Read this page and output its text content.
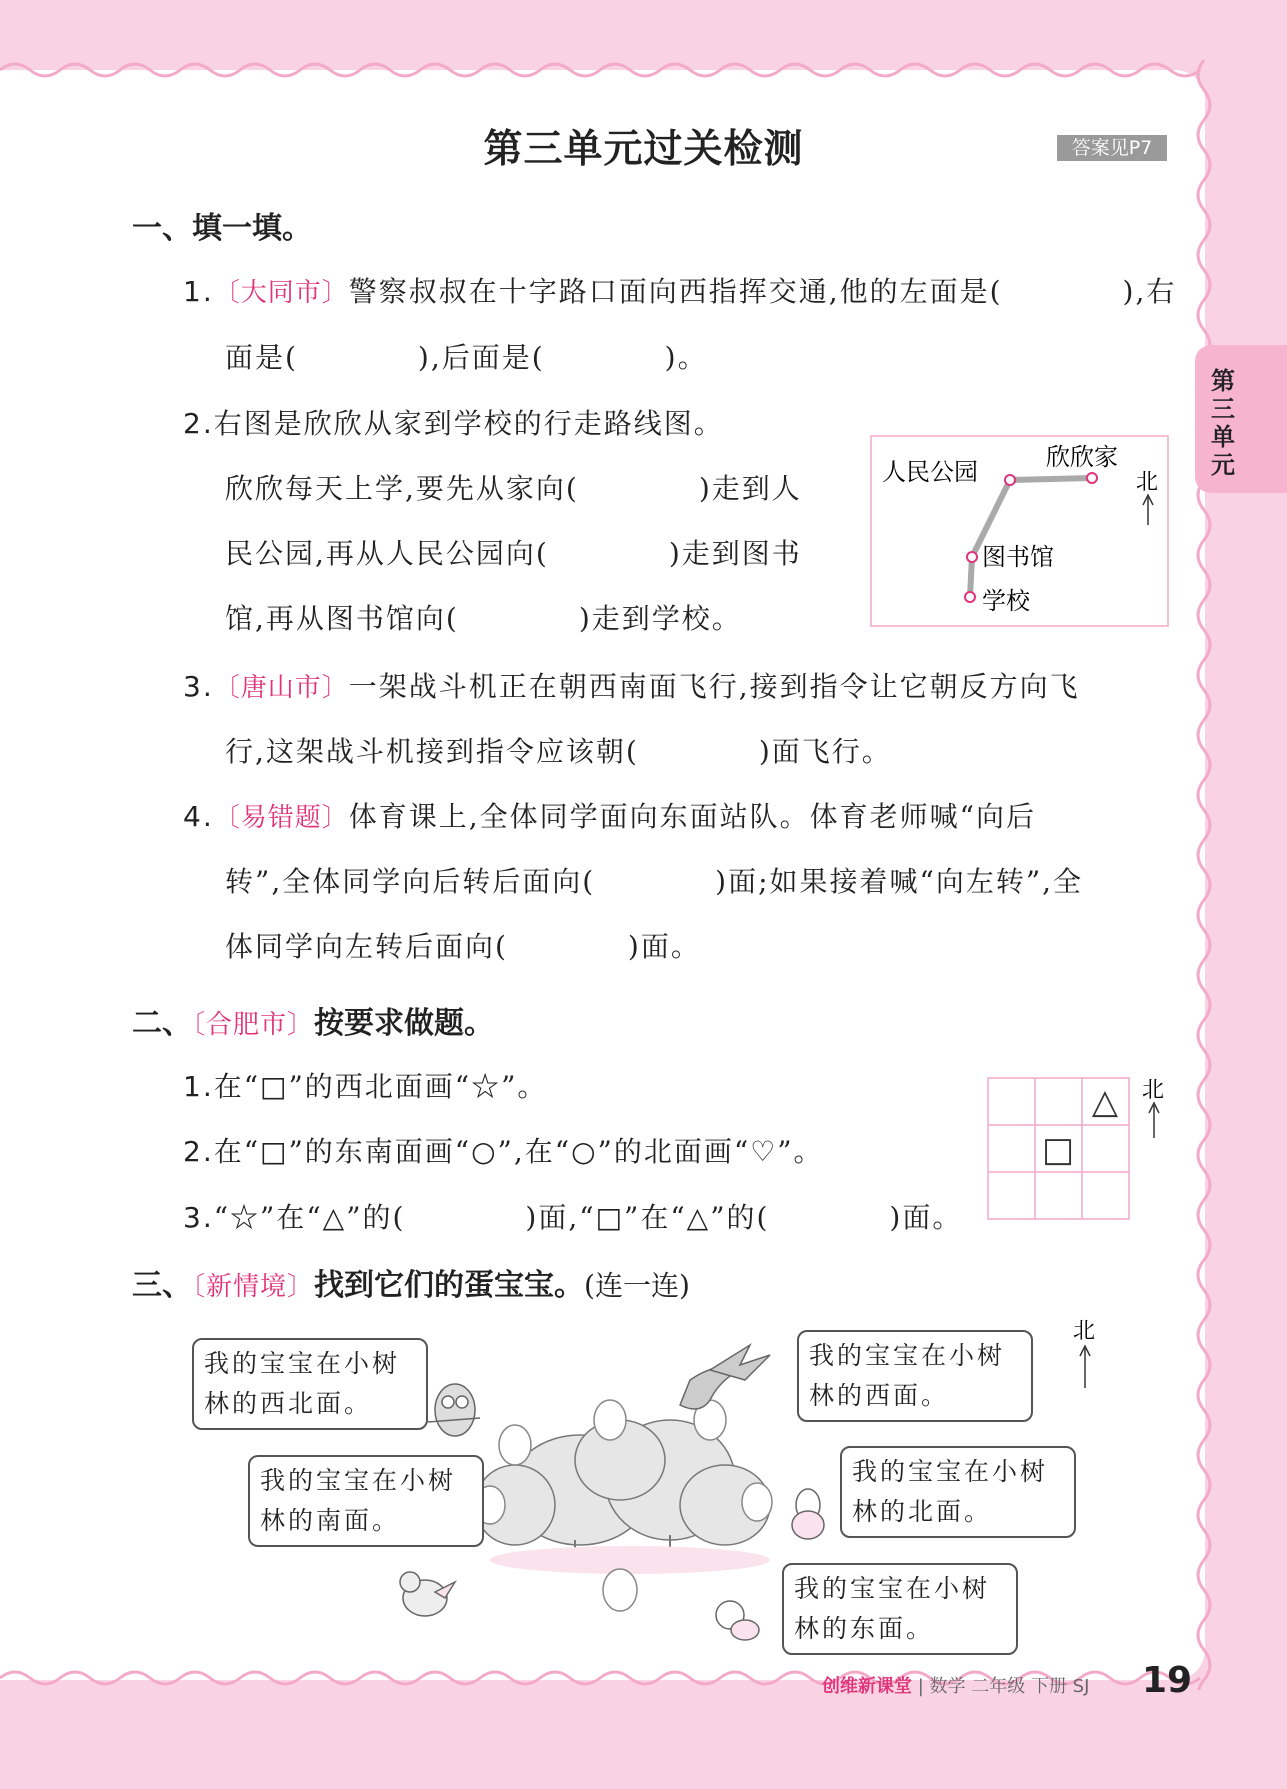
第三单元过关检测	答案见P7
第三单元
一、填一填。
1.〔大同市〕警察叔叔在十字路口面向西指挥交通,他的左面是(　　　　),右
面是(　　　　),后面是(　　　　)。
2.右图是欣欣从家到学校的行走路线图。
欣欣每天上学,要先从家向(　　　　)走到人
民公园,再从人民公园向(　　　　)走到图书
馆,再从图书馆向(　　　　)走到学校。
人民公园
欣欣家
图书馆
学校
北
3.〔唐山市〕一架战斗机正在朝西南面飞行,接到指令让它朝反方向飞
行,这架战斗机接到指令应该朝(　　　　)面飞行。
4.〔易错题〕体育课上,全体同学面向东面站队。体育老师喊“向后
转”,全体同学向后转后面向(　　　　)面;如果接着喊“向左转”,全
体同学向左转后面向(　　　　)面。
二、〔合肥市〕按要求做题。
1.在“□”的西北面画“☆”。
2.在“□”的东南面画“○”,在“○”的北面画“♡”。
3.“☆”在“△”的(　　　　)面,“□”在“△”的(　　　　)面。
△
□
北
三、〔新情境〕找到它们的蛋宝宝。(连一连)
北
我的宝宝在小树
林的西北面。
我的宝宝在小树
林的西面。
我的宝宝在小树
林的南面。
我的宝宝在小树
林的北面。
我的宝宝在小树
林的东面。
创维新课堂 | 数学 二年级 下册 SJ 19
